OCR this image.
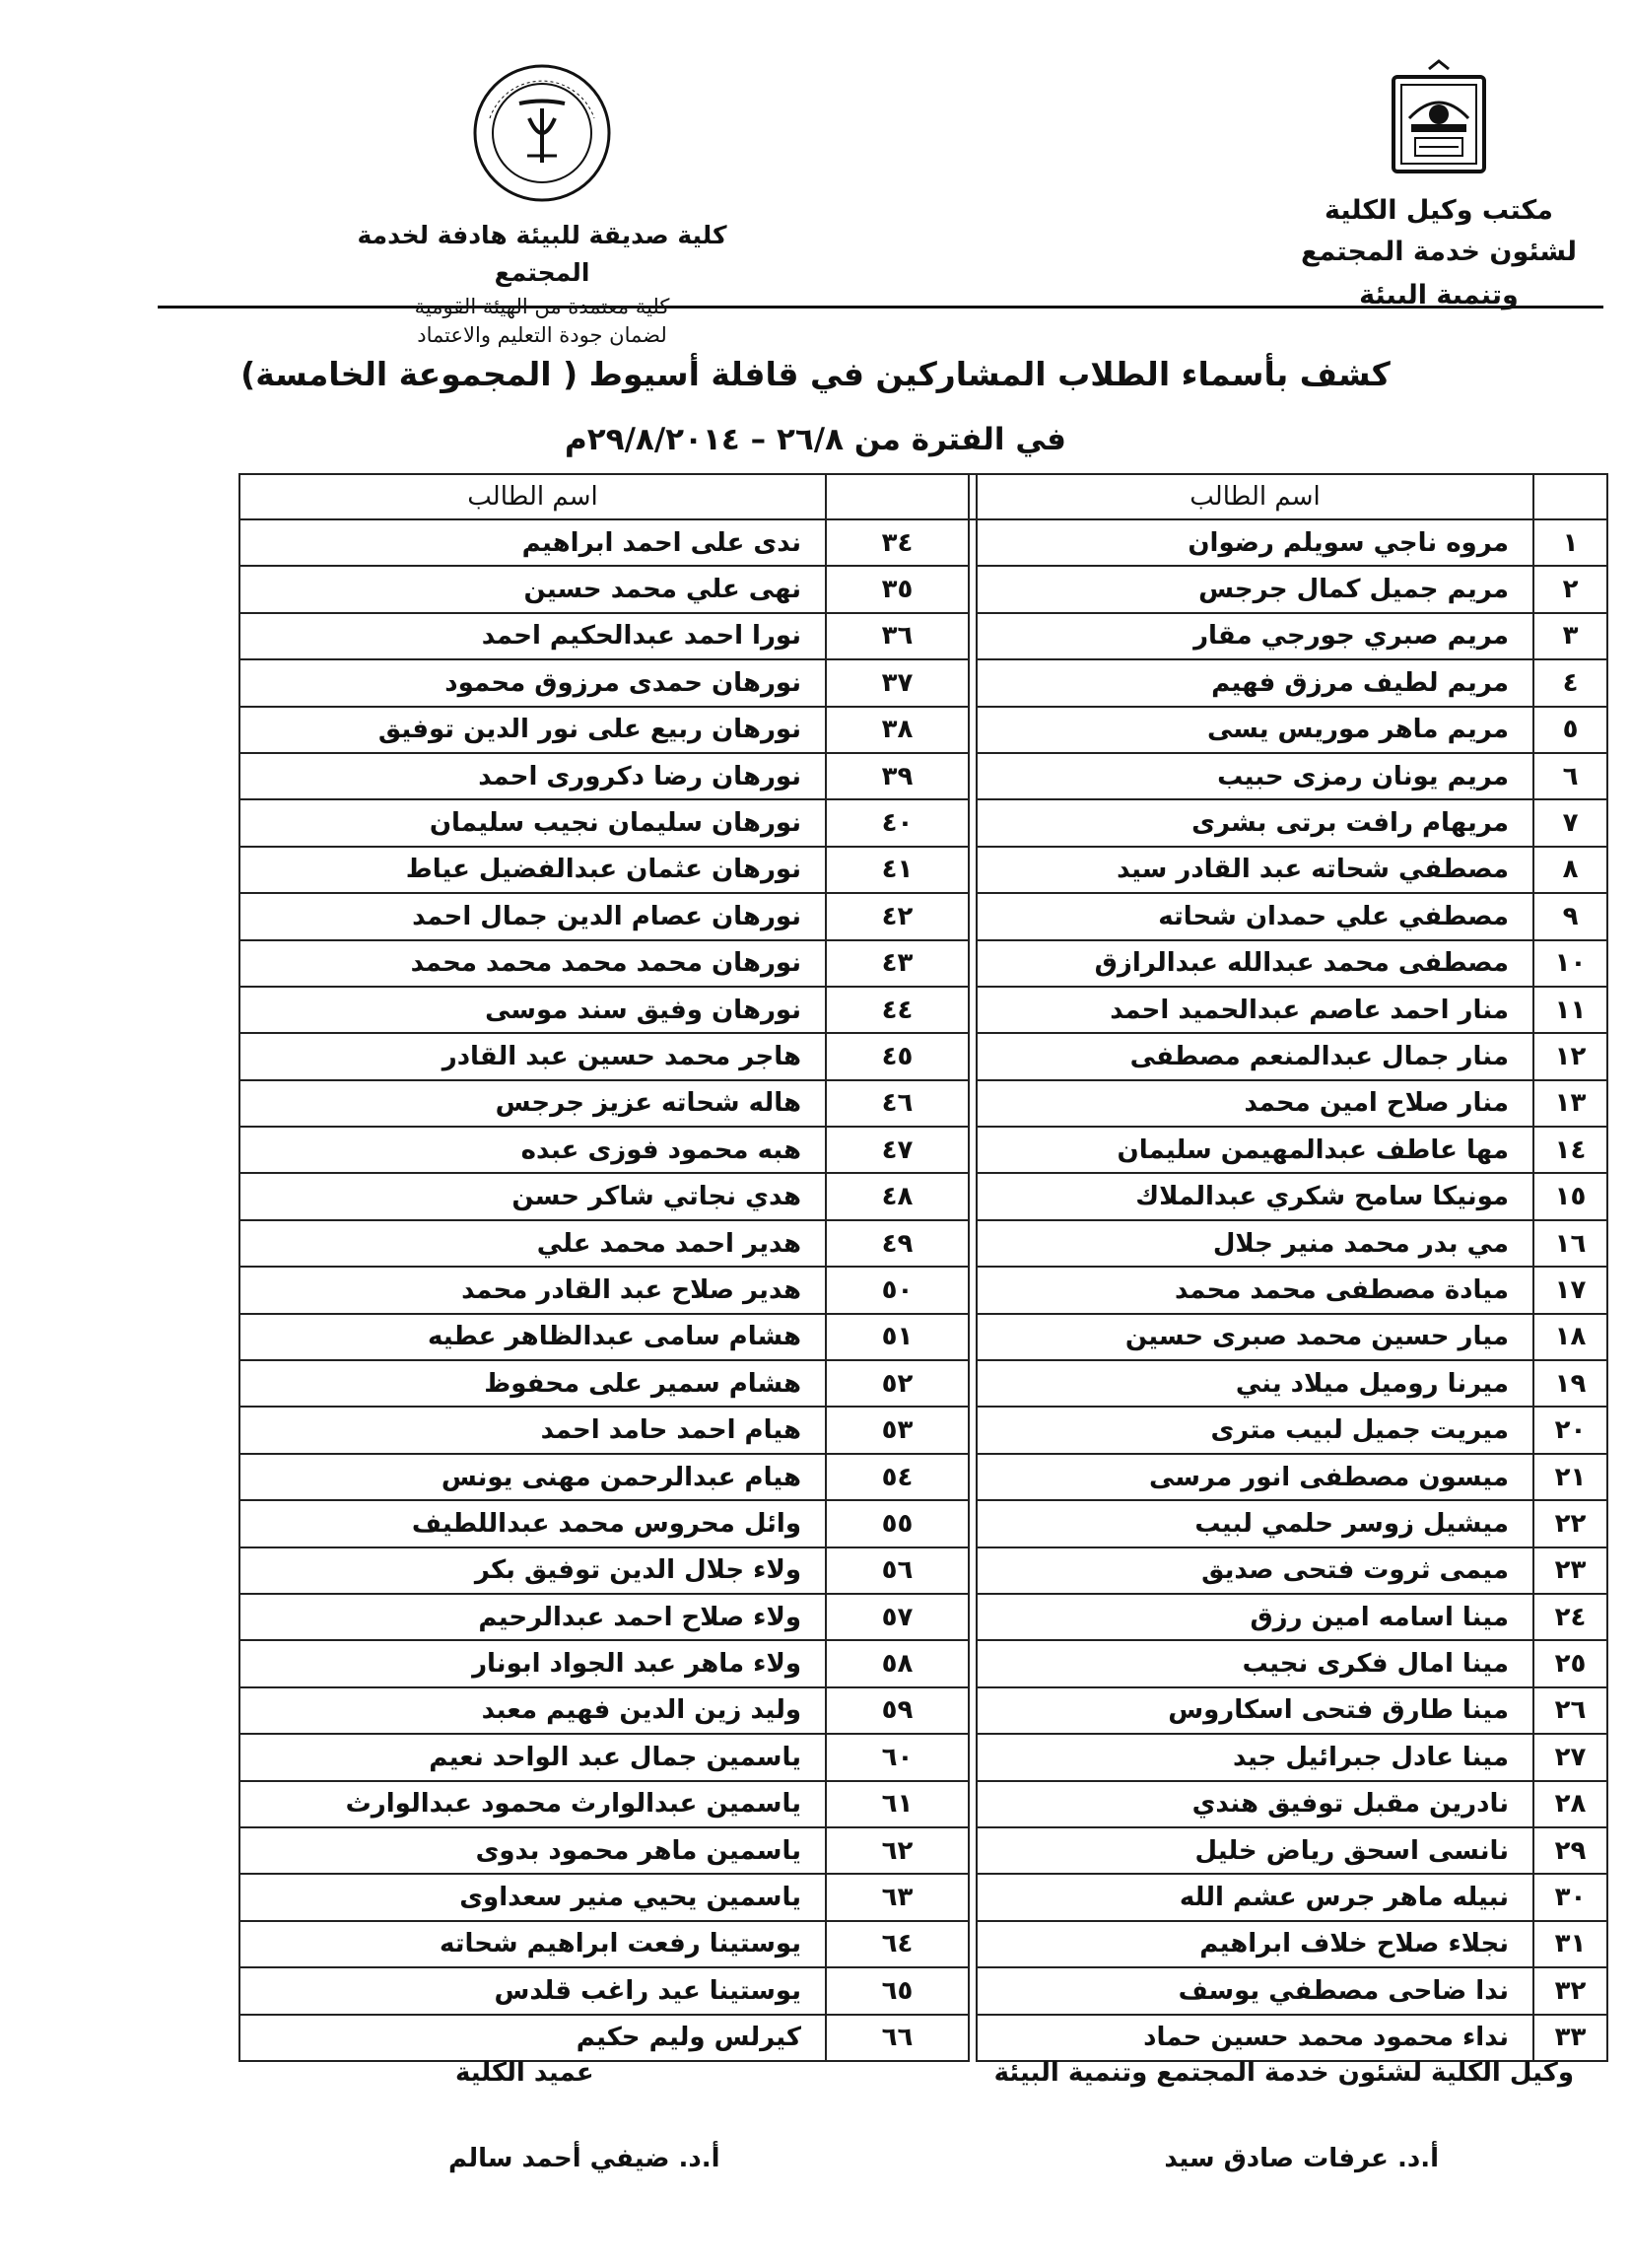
مكتب وكيل الكلية
لشئون خدمة المجتمع وتنمية البيئة
كلية صديقة للبيئة هادفة لخدمة المجتمع
كلية معتمدة من الهيئة القومية
لضمان جودة التعليم والاعتماد
كشف بأسماء الطلاب المشاركين في قافلة أسيوط ( المجموعة الخامسة)
في الفترة من ٢٦/٨ – ٢٩/٨/٢٠١٤م
	اسم الطالب			اسم الطالب
١	مروه ناجي سويلم رضوان		٣٤	ندى على احمد ابراهيم
٢	مريم جميل كمال جرجس		٣٥	نهى علي محمد حسين
٣	مريم صبري جورجي مقار		٣٦	نورا احمد عبدالحكيم احمد
٤	مريم لطيف مرزق فهيم		٣٧	نورهان حمدى مرزوق محمود
٥	مريم ماهر موريس يسى		٣٨	نورهان ربيع على نور الدين توفيق
٦	مريم يونان رمزى حبيب		٣٩	نورهان رضا دكرورى احمد
٧	مريهام رافت برتى بشرى		٤٠	نورهان سليمان نجيب سليمان
٨	مصطفي شحاته عبد القادر سيد		٤١	نورهان عثمان عبدالفضيل عياط
٩	مصطفي علي حمدان شحاته		٤٢	نورهان عصام الدين جمال احمد
١٠	مصطفى محمد عبدالله عبدالرازق		٤٣	نورهان محمد محمد محمد محمد
١١	منار احمد عاصم عبدالحميد احمد		٤٤	نورهان وفيق سند موسى
١٢	منار جمال عبدالمنعم مصطفى		٤٥	هاجر محمد حسين عبد القادر
١٣	منار صلاح امين محمد		٤٦	هاله شحاته عزيز جرجس
١٤	مها عاطف عبدالمهيمن سليمان		٤٧	هبه محمود فوزى عبده
١٥	مونيكا سامح شكري عبدالملاك		٤٨	هدي نجاتي شاكر حسن
١٦	مي بدر محمد منير جلال		٤٩	هدير احمد محمد علي
١٧	ميادة مصطفى محمد محمد		٥٠	هدير صلاح عبد القادر محمد
١٨	ميار حسين محمد صبرى حسين		٥١	هشام سامى عبدالظاهر عطيه
١٩	ميرنا روميل ميلاد يني		٥٢	هشام سمير على محفوظ
٢٠	ميريت جميل لبيب مترى		٥٣	هيام احمد حامد احمد
٢١	ميسون مصطفى انور مرسى		٥٤	هيام عبدالرحمن مهنى يونس
٢٢	ميشيل زوسر حلمي لبيب		٥٥	وائل محروس محمد عبداللطيف
٢٣	ميمى ثروت فتحى صديق		٥٦	ولاء جلال الدين توفيق بكر
٢٤	مينا اسامه امين رزق		٥٧	ولاء صلاح احمد عبدالرحيم
٢٥	مينا امال فكرى نجيب		٥٨	ولاء ماهر عبد الجواد ابونار
٢٦	مينا طارق فتحى اسكاروس		٥٩	وليد زين الدين فهيم معبد
٢٧	مينا عادل جبرائيل جيد		٦٠	ياسمين جمال عبد الواحد نعيم
٢٨	نادرين مقبل توفيق هندي		٦١	ياسمين عبدالوارث محمود عبدالوارث
٢٩	نانسى اسحق رياض خليل		٦٢	ياسمين ماهر محمود بدوى
٣٠	نبيله ماهر جرس عشم الله		٦٣	ياسمين يحيي منير سعداوى
٣١	نجلاء صلاح خلاف ابراهيم		٦٤	يوستينا رفعت ابراهيم شحاته
٣٢	ندا ضاحى مصطفي يوسف		٦٥	يوستينا عيد راغب قلدس
٣٣	نداء محمود محمد حسين حماد		٦٦	كيرلس وليم حكيم
وكيل الكلية لشئون خدمة المجتمع وتنمية البيئة
عميد الكلية
أ.د. عرفات صادق سيد
أ.د. ضيفي أحمد سالم
